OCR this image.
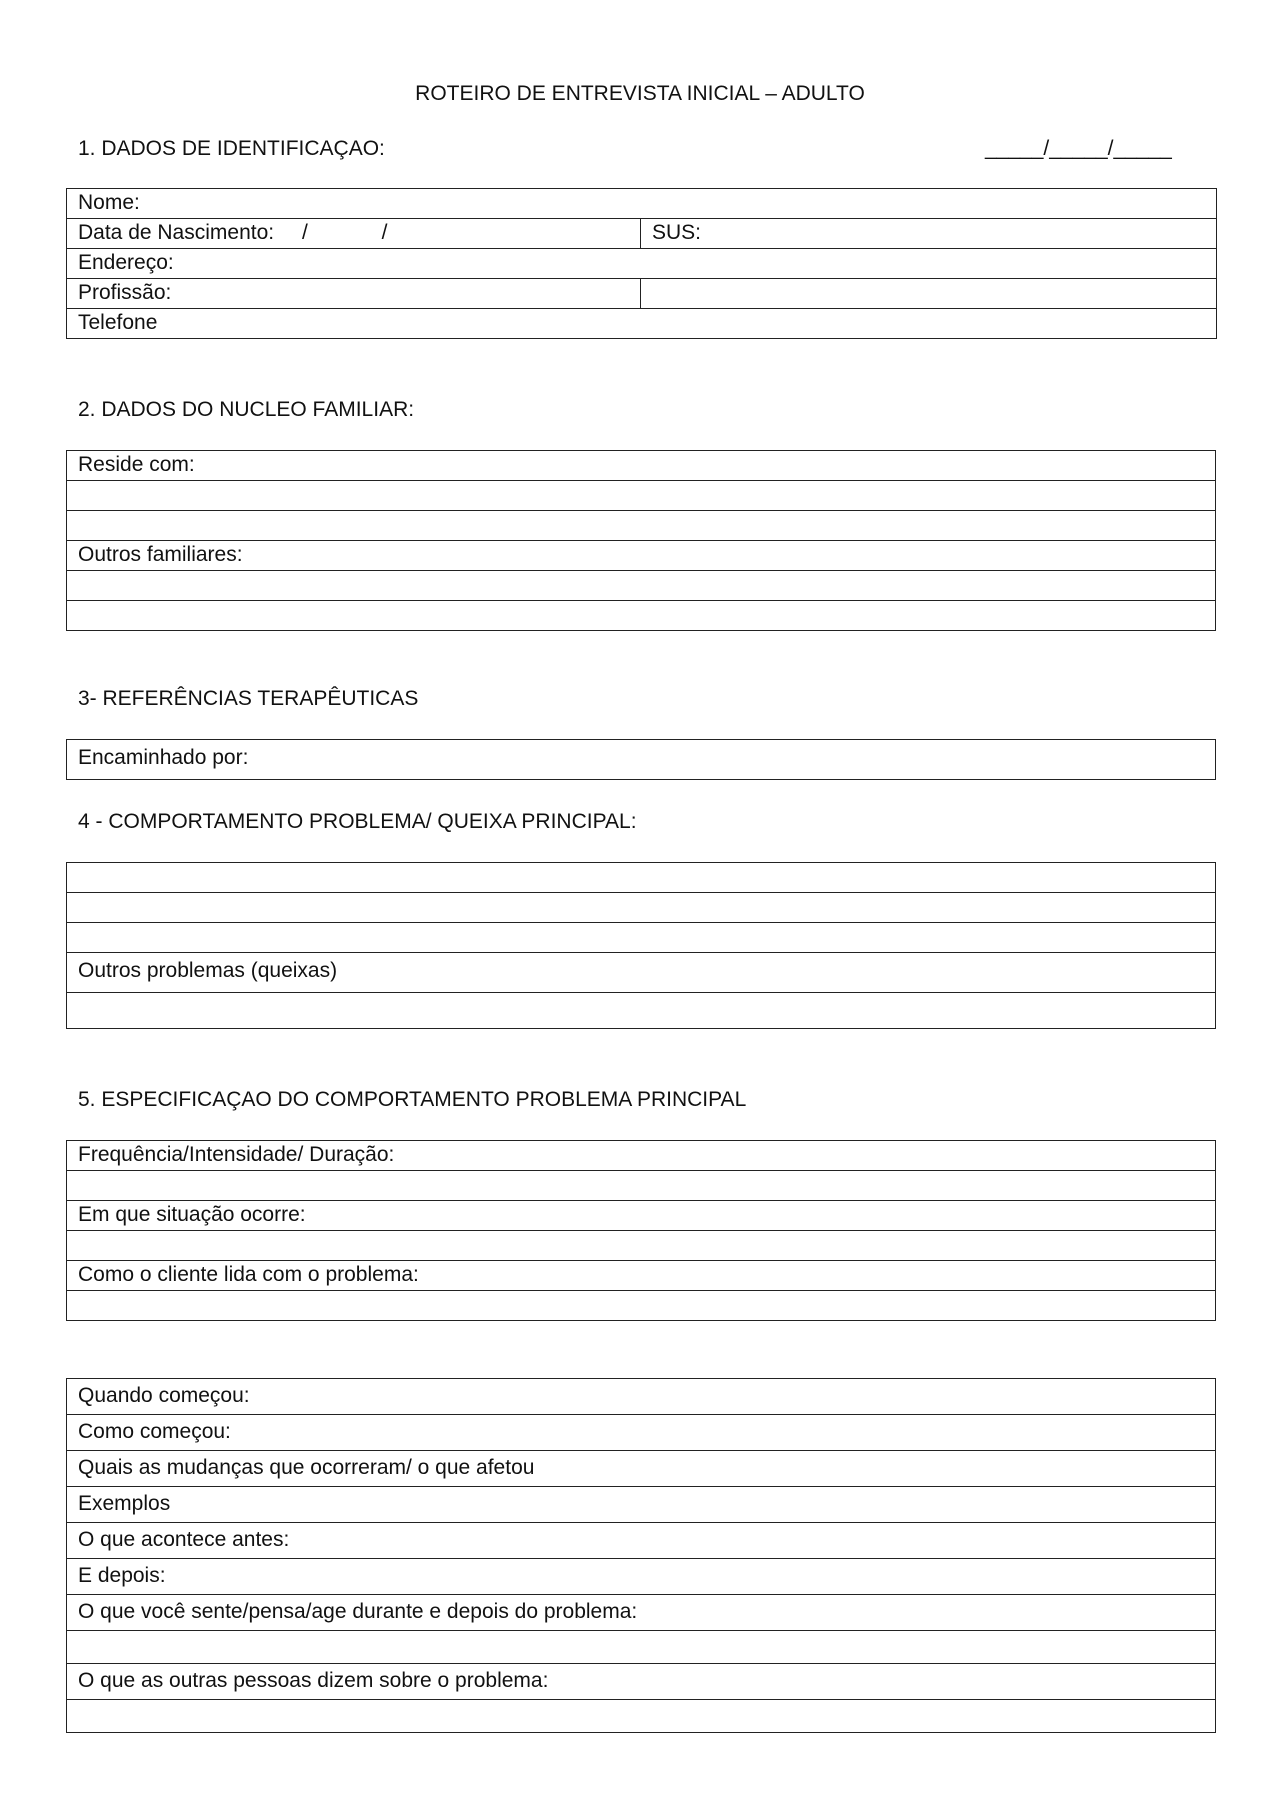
ROTEIRO DE ENTREVISTA INICIAL – ADULTO
1. DADOS DE IDENTIFICAÇAO:	_____/_____/_____
Nome:	
Data de Nascimento: / /	SUS:
Endereço:	
Profissão:	
Telefone	
2. DADOS DO NUCLEO FAMILIAR:
Reside com:

Outros familiares:

3- REFERÊNCIAS TERAPÊUTICAS
Encaminhado por:
4 - COMPORTAMENTO PROBLEMA/ QUEIXA PRINCIPAL:

Outros problemas (queixas)

5. ESPECIFICAÇAO DO COMPORTAMENTO PROBLEMA PRINCIPAL
Frequência/Intensidade/ Duração:

Em que situação ocorre:

Como o cliente lida com o problema:

Quando começou:
Como começou:
Quais as mudanças que ocorreram/ o que afetou
Exemplos
O que acontece antes:
E depois:
O que você sente/pensa/age durante e depois do problema:

O que as outras pessoas dizem sobre o problema:
